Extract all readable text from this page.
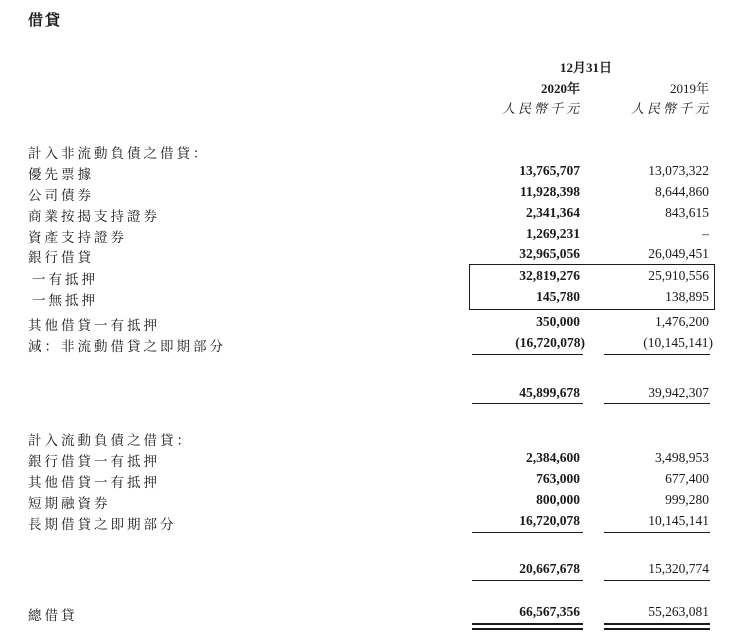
借貸
12月31日
2020年	2019年
人民幣千元	人民幣千元
計入非流動負債之借貸：
優先票據	13,765,707	13,073,322
公司債券	11,928,398	8,644,860
商業按揭支持證券	2,341,364	843,615
資產支持證券	1,269,231	–
銀行借貸	32,965,056	26,049,451
一有抵押	32,819,276	25,910,556
一無抵押	145,780	138,895
其他借貸一有抵押	350,000	1,476,200
減：非流動借貸之即期部分	(16,720,078)	(10,145,141)
45,899,678	39,942,307
計入流動負債之借貸：
銀行借貸一有抵押	2,384,600	3,498,953
其他借貸一有抵押	763,000	677,400
短期融資券	800,000	999,280
長期借貸之即期部分	16,720,078	10,145,141
20,667,678	15,320,774
總借貸	66,567,356	55,263,081
